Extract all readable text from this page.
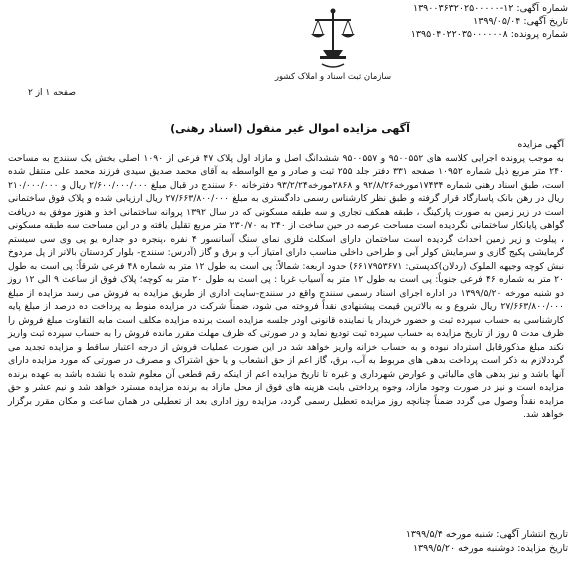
شماره آگهی: ۱۲-۱۳۹۰۰۳۶۳۲۰۲۵۰۰۰۰۰
تاریخ آگهی: ۱۳۹۹/۰۵/۰۴
شماره پرونده: ۱۳۹۵۰۴۰۲۲۰۳۵۰۰۰۰۰۰۸
سازمان ثبت اسناد و املاک کشور
صفحه ۱ از ۲
آگهی مزایده اموال غیر منقول (اسناد رهنی)

آگهی مزایده

به موجب پرونده اجرایی کلاسه های ۹۵۰۰۵۵۲ و ۹۵۰۰۵۵۷ ششدانگ اصل و مازاد اول پلاک ۴۷ فرعی از ۱۰۹۰ اصلی بخش یک سنندج به مساحت ۲۴۰ متر مربع ذیل شماره ۱۰۹۵۲ صفحه ۳۳۱ دفتر جلد ۲۵۵ ثبت و صادر و مع الواسطه به آقای محمد صدیق سیدی فرزند محمد علی منتقل شده است، طبق اسناد رهنی شماره ۱۷۴۳۴مورخه۹۲/۸/۲۶ و ۲۸۶۸مورخه۹۳/۲/۲۴ دفترخانه ۶۰ سنندج در قبال مبلغ ۲/۶۰۰/۰۰۰/۰۰۰ ریال و ۲۱۰/۰۰۰/۰۰۰ ریال در رهن بانک پاسارگاد قرار گرفته و طبق نظر کارشناس رسمی دادگستری به مبلغ ۲۷/۶۶۳/۸۰۰/۰۰۰ ریال ارزیابی شده و پلاک فوق ساختمانی است در زیر زمین به صورت پارکینگ ، طبقه همکف تجاری و سه طبقه مسکونی که در سال ۱۳۹۲ پروانه ساختمانی اخذ و هنوز موفق به دریافت گواهی پایانکار ساختمانی نگردیده است مساحت عرصه در حین ساخت از ۲۴۰ به ۲۳۰/۷۰ متر مربع تقلیل یافته و در این مساحت سه طبقه مسکونی ، پیلوت و زیر زمین احداث گردیده است ساختمان دارای اسکلت فلزی نمای سنگ آسانسور ۴ نفره ،پنجره دو جداره یو پی وی سی سیستم گرمایشی پکیج گازی و سرمایش کولر آبی و طراحی داخلی مناسب دارای امتیاز آب و برق و گاز (آدرس: سنندج- بلوار کردستان بالاتر از پل مردوخ نبش کوچه وجیهه الملوک (ردلان)کدپستی: ۶۶۱۷۹۵۳۶۷۱) حدود اربعه: شمالاً: پی است به طول ۱۲ متر به شماره ۴۸ فرعی شرقاً: پی است به طول ۲۰ متر به شماره ۴۶ فرعی جنوباً: پی است به طول ۱۲ متر به آسیاب غربا : پی است به طول ۲۰ متر به کوچه؛ پلاک فوق از ساعت ۹ الی ۱۲ روز دو شنبه مورخه ۱۳۹۹/۵/۲۰ در اداره اجرای اسناد رسمی سنندج واقع در سنندج-سایت اداری از طریق مزایده به فروش می رسد مزایده از مبلغ ۲۷/۶۶۳/۸۰۰/۰۰۰ ریال شروع و به بالاترین قیمت پیشنهادی نقداً فروخته می شود، ضمناً شرکت در مزایده منوط به پرداخت ده درصد از مبلغ پایه کارشناسی به حساب سپرده ثبت و حضور خریدار یا نماینده قانونی اودر جلسه مزایده است برنده مزایده مکلف است مابه التفاوت مبلغ فروش را ظرف مدت ۵ روز از تاریخ مزایده به حساب سپرده ثبت تودیع نماید و در صورتی که ظرف مهلت مقرر مانده فروش را به حساب سپرده ثبت واریز نکند مبلغ مذکورقابل استرداد نبوده و به حساب خزانه واریز خواهد شد در این صورت عملیات فروش از درجه اعتبار ساقط و مزایده تجدید می گرددلازم به ذکر است پرداخت بدهی های مربوط به آب، برق، گاز اعم از حق انشعاب و یا حق اشتراک و مصرف در صورتی که مورد مزایده دارای آنها باشد و نیز بدهی های مالیاتی و عوارض شهرداری و غیره تا تاریخ مزایده اعم از اینکه رقم قطعی آن معلوم شده یا نشده باشد به عهده برنده مزایده است و نیز در صورت وجود مازاد، وجوه پرداختی بابت هزینه های فوق از محل مازاد به برنده مزایده مسترد خواهد شد و نیم عشر و حق مزایده نقداً وصول می گردد ضمناً چنانچه روز مزایده تعطیل رسمی گردد، مزایده روز اداری بعد از تعطیلی در همان ساعت و مکان مقرر برگزار خواهد شد.

تاریخ انتشار آگهی: شنبه مورخه ۱۳۹۹/۵/۴
تاریخ مزایده: دوشنبه مورخه ۱۳۹۹/۵/۲۰
